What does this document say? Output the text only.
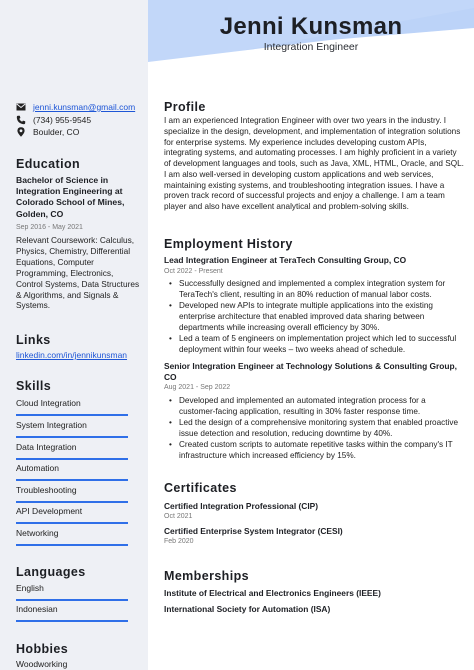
Jenni Kunsman
Integration Engineer
jenni.kunsman@gmail.com
(734) 955-9545
Boulder, CO
Education
Bachelor of Science in Integration Engineering at Colorado School of Mines, Golden, CO
Sep 2016 - May 2021
Relevant Coursework: Calculus, Physics, Chemistry, Differential Equations, Computer Programming, Electronics, Control Systems, Data Structures & Algorithms, and Signals & Systems.
Links
linkedin.com/in/jennikunsman
Skills
Cloud Integration
System Integration
Data Integration
Automation
Troubleshooting
API Development
Networking
Languages
English
Indonesian
Hobbies
Woodworking
Profile
I am an experienced Integration Engineer with over two years in the industry. I specialize in the design, development, and implementation of integration solutions for enterprise systems. My experience includes developing custom APIs, integrating systems, and automating processes. I am highly proficient in a variety of development languages and tools, such as Java, XML, HTML, Oracle, and SQL. I am also well-versed in developing custom applications and web services, maintaining existing systems, and troubleshooting integration issues. I have a proven track record of successful projects and enjoy a challenge. I am a team player and also have excellent analytical and problem-solving skills.
Employment History
Lead Integration Engineer at TeraTech Consulting Group, CO
Oct 2022 - Present
• Successfully designed and implemented a complex integration system for TeraTech's client, resulting in an 80% reduction of manual labor costs.
• Developed new APIs to integrate multiple applications into the existing enterprise architecture that enabled improved data sharing between departments while increasing overall efficiency by 30%.
• Led a team of 5 engineers on implementation project which led to successful deployment within four weeks – two weeks ahead of schedule.
Senior Integration Engineer at Technology Solutions & Consulting Group, CO
Aug 2021 - Sep 2022
• Developed and implemented an automated integration process for a customer-facing application, resulting in 30% faster response time.
• Led the design of a comprehensive monitoring system that enabled proactive issue detection and resolution, reducing downtime by 40%.
• Created custom scripts to automate repetitive tasks within the company's IT infrastructure which increased efficiency by 15%.
Certificates
Certified Integration Professional (CIP)
Oct 2021
Certified Enterprise System Integrator (CESI)
Feb 2020
Memberships
Institute of Electrical and Electronics Engineers (IEEE)
International Society for Automation (ISA)
